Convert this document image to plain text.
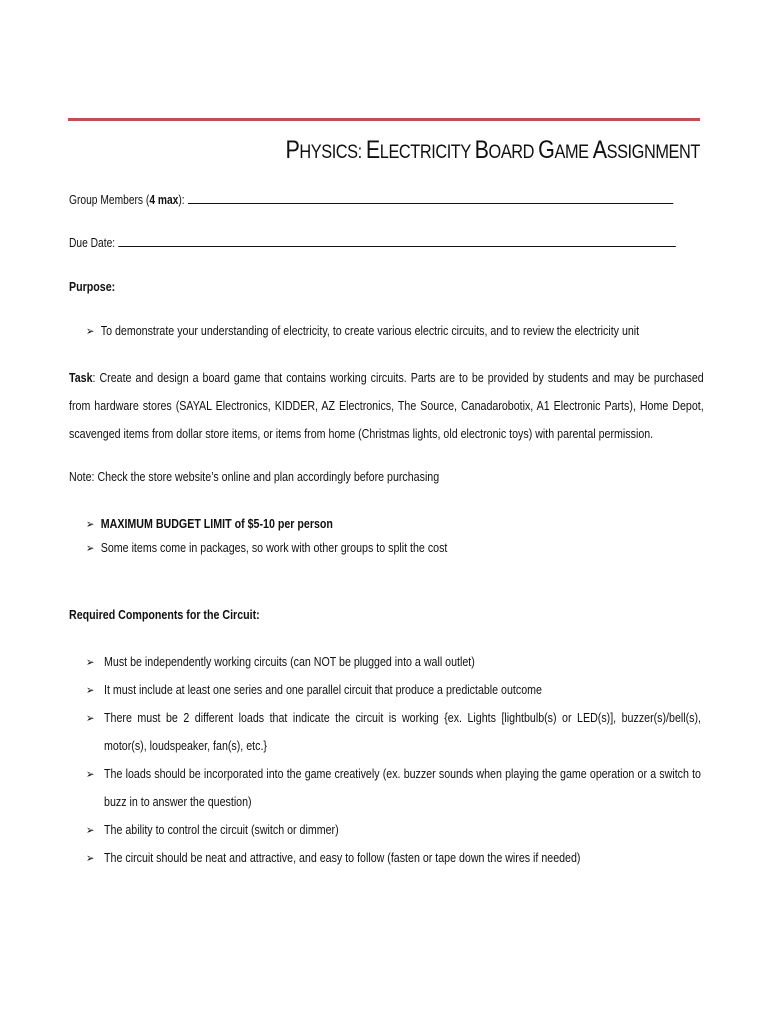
PHYSICS: ELECTRICITY BOARD GAME ASSIGNMENT
Group Members (4 max):
Due Date:
Purpose:
➢ To demonstrate your understanding of electricity, to create various electric circuits, and to review the electricity unit
Task: Create and design a board game that contains working circuits. Parts are to be provided by students and may be purchased from hardware stores (SAYAL Electronics, KIDDER, AZ Electronics, The Source, Canadarobotix, A1 Electronic Parts), Home Depot, scavenged items from dollar store items, or items from home (Christmas lights, old electronic toys) with parental permission.
Note: Check the store website’s online and plan accordingly before purchasing
➢ MAXIMUM BUDGET LIMIT of $5-10 per person
➢ Some items come in packages, so work with other groups to split the cost
Required Components for the Circuit:
➢ Must be independently working circuits (can NOT be plugged into a wall outlet)
➢ It must include at least one series and one parallel circuit that produce a predictable outcome
➢ There must be 2 different loads that indicate the circuit is working {ex. Lights [lightbulb(s) or LED(s)], buzzer(s)/bell(s), motor(s), loudspeaker, fan(s), etc.}
➢ The loads should be incorporated into the game creatively (ex. buzzer sounds when playing the game operation or a switch to buzz in to answer the question)
➢ The ability to control the circuit (switch or dimmer)
➢ The circuit should be neat and attractive, and easy to follow (fasten or tape down the wires if needed)
